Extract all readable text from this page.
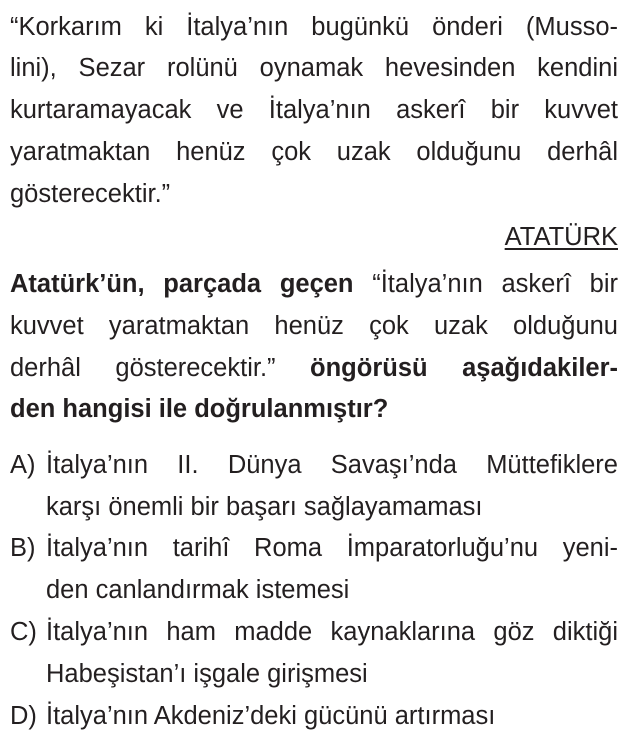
“Korkarım ki İtalya’nın bugünkü önderi (Musso-
lini), Sezar rolünü oynamak hevesinden kendini
kurtaramayacak ve İtalya’nın askerî bir kuvvet
yaratmaktan henüz çok uzak olduğunu derhâl
gösterecektir.”
ATATÜRK
Atatürk’ün, parçada geçen “İtalya’nın askerî bir
kuvvet yaratmaktan henüz çok uzak olduğunu
derhâl gösterecektir.” öngörüsü aşağıdakiler-
den hangisi ile doğrulanmıştır?
A) İtalya’nın II. Dünya Savaşı’nda Müttefiklere
karşı önemli bir başarı sağlayamaması
B) İtalya’nın tarihî Roma İmparatorluğu’nu yeni-
den canlandırmak istemesi
C) İtalya’nın ham madde kaynaklarına göz diktiği
Habeşistan’ı işgale girişmesi
D) İtalya’nın Akdeniz’deki gücünü artırması
